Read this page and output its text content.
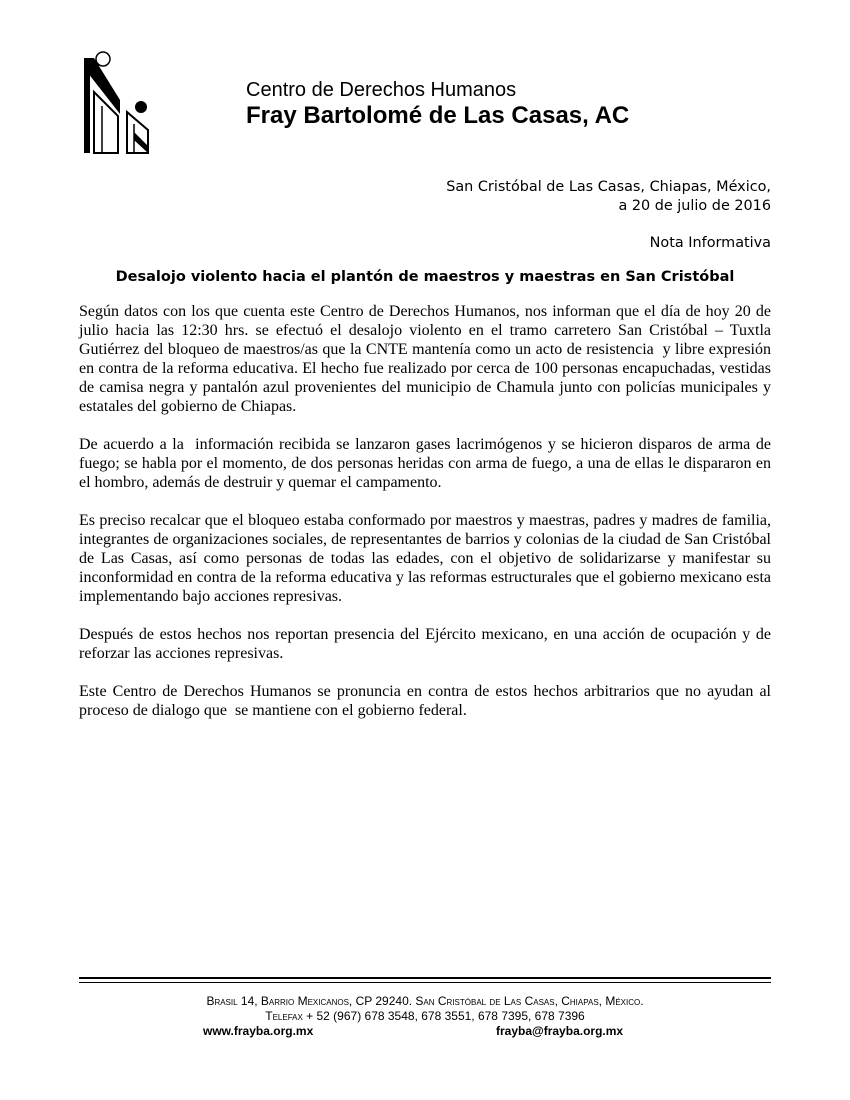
Centro de Derechos Humanos
Fray Bartolomé de Las Casas, AC
San Cristóbal de Las Casas, Chiapas, México,
a 20 de julio de 2016
Nota Informativa
Desalojo violento hacia el plantón de maestros y maestras en San Cristóbal

Según datos con los que cuenta este Centro de Derechos Humanos, nos informan que el día de hoy 20 de julio hacia las 12:30 hrs. se efectuó el desalojo violento en el tramo carretero San Cristóbal – Tuxtla Gutiérrez del bloqueo de maestros/as que la CNTE mantenía como un acto de resistencia  y libre expresión en contra de la reforma educativa. El hecho fue realizado por cerca de 100 personas encapuchadas, vestidas de camisa negra y pantalón azul provenientes del municipio de Chamula junto con policías municipales y estatales del gobierno de Chiapas.

De acuerdo a la  información recibida se lanzaron gases lacrimógenos y se hicieron disparos de arma de fuego; se habla por el momento, de dos personas heridas con arma de fuego, a una de ellas le dispararon en el hombro, además de destruir y quemar el campamento.

Es preciso recalcar que el bloqueo estaba conformado por maestros y maestras, padres y madres de familia, integrantes de organizaciones sociales, de representantes de barrios y colonias de la ciudad de San Cristóbal de Las Casas, así como personas de todas las edades, con el objetivo de solidarizarse y manifestar su inconformidad en contra de la reforma educativa y las reformas estructurales que el gobierno mexicano esta implementando bajo acciones represivas.

Después de estos hechos nos reportan presencia del Ejército mexicano, en una acción de ocupación y de reforzar las acciones represivas.

Este Centro de Derechos Humanos se pronuncia en contra de estos hechos arbitrarios que no ayudan al proceso de dialogo que  se mantiene con el gobierno federal.

Brasil 14, Barrio Mexicanos, CP 29240. San Cristóbal de Las Casas, Chiapas, México.
Telefax + 52 (967) 678 3548, 678 3551, 678 7395, 678 7396
www.frayba.org.mx	frayba@frayba.org.mx
